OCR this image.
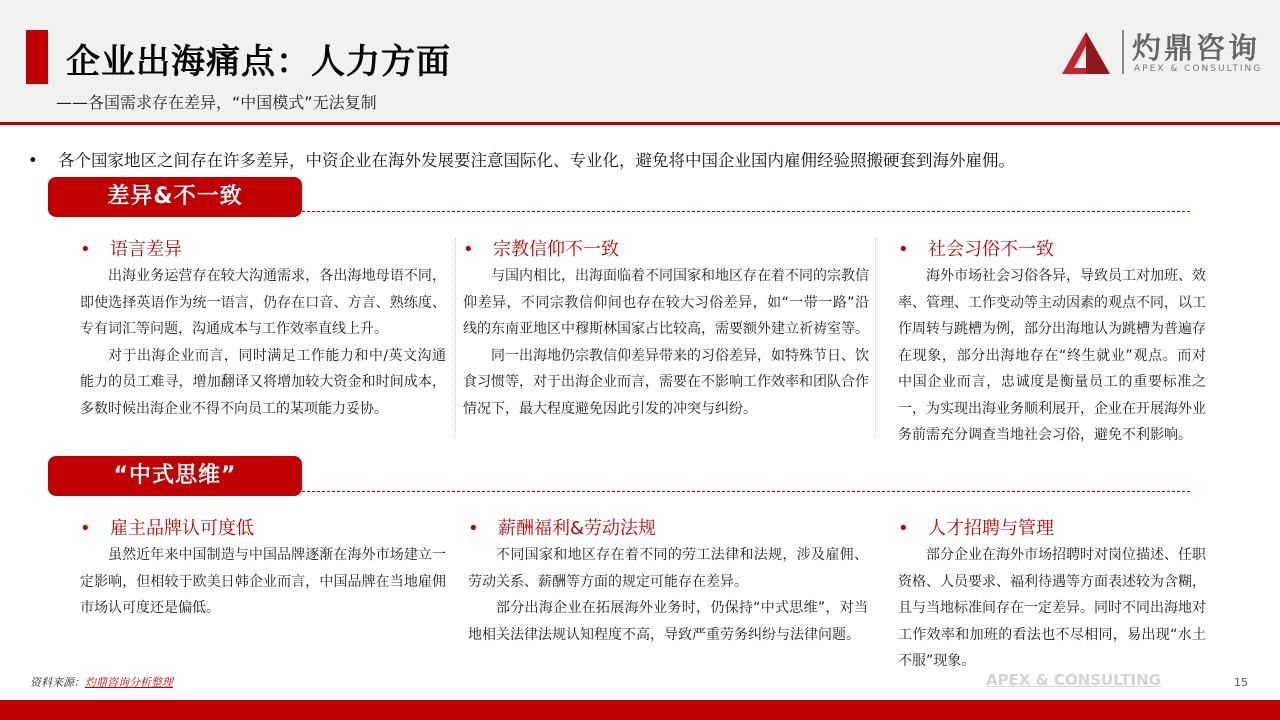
企业出海痛点：人力方面
——各国需求存在差异，“中国模式”无法复制
灼鼎咨询
APEX & CONSULTING
• 各个国家地区之间存在许多差异，中资企业在海外发展要注意国际化、专业化，避免将中国企业国内雇佣经验照搬硬套到海外雇佣。
差异&不一致
• 语言差异

出海业务运营存在较大沟通需求，各出海地母语不同，即使选择英语作为统一语言，仍存在口音、方言、熟练度、专有词汇等问题，沟通成本与工作效率直线上升。

对于出海企业而言，同时满足工作能力和中/英文沟通能力的员工难寻，增加翻译又将增加较大资金和时间成本，多数时候出海企业不得不向员工的某项能力妥协。

• 宗教信仰不一致

与国内相比，出海面临着不同国家和地区存在着不同的宗教信仰差异，不同宗教信仰间也存在较大习俗差异，如“一带一路”沿线的东南亚地区中穆斯林国家占比较高，需要额外建立祈祷室等。

同一出海地仍宗教信仰差异带来的习俗差异，如特殊节日、饮食习惯等，对于出海企业而言，需要在不影响工作效率和团队合作情况下，最大程度避免因此引发的冲突与纠纷。

• 社会习俗不一致

海外市场社会习俗各异，导致员工对加班、效率、管理、工作变动等主动因素的观点不同，以工作周转与跳槽为例，部分出海地认为跳槽为普遍存在现象，部分出海地存在“终生就业”观点。而对中国企业而言，忠诚度是衡量员工的重要标准之一，为实现出海业务顺利展开，企业在开展海外业务前需充分调查当地社会习俗，避免不利影响。

“中式思维”
• 雇主品牌认可度低

虽然近年来中国制造与中国品牌逐渐在海外市场建立一定影响，但相较于欧美日韩企业而言，中国品牌在当地雇佣市场认可度还是偏低。

• 薪酬福利&劳动法规

不同国家和地区存在着不同的劳工法律和法规，涉及雇佣、劳动关系、薪酬等方面的规定可能存在差异。

部分出海企业在拓展海外业务时，仍保持“中式思维”，对当地相关法律法规认知程度不高，导致严重劳务纠纷与法律问题。

• 人才招聘与管理

部分企业在海外市场招聘时对岗位描述、任职资格、人员要求、福利待遇等方面表述较为含糊，且与当地标准间存在一定差异。同时不同出海地对工作效率和加班的看法也不尽相同，易出现“水土不服”现象。

资料来源：灼鼎咨询分析整理	APEX & CONSULTING	15
